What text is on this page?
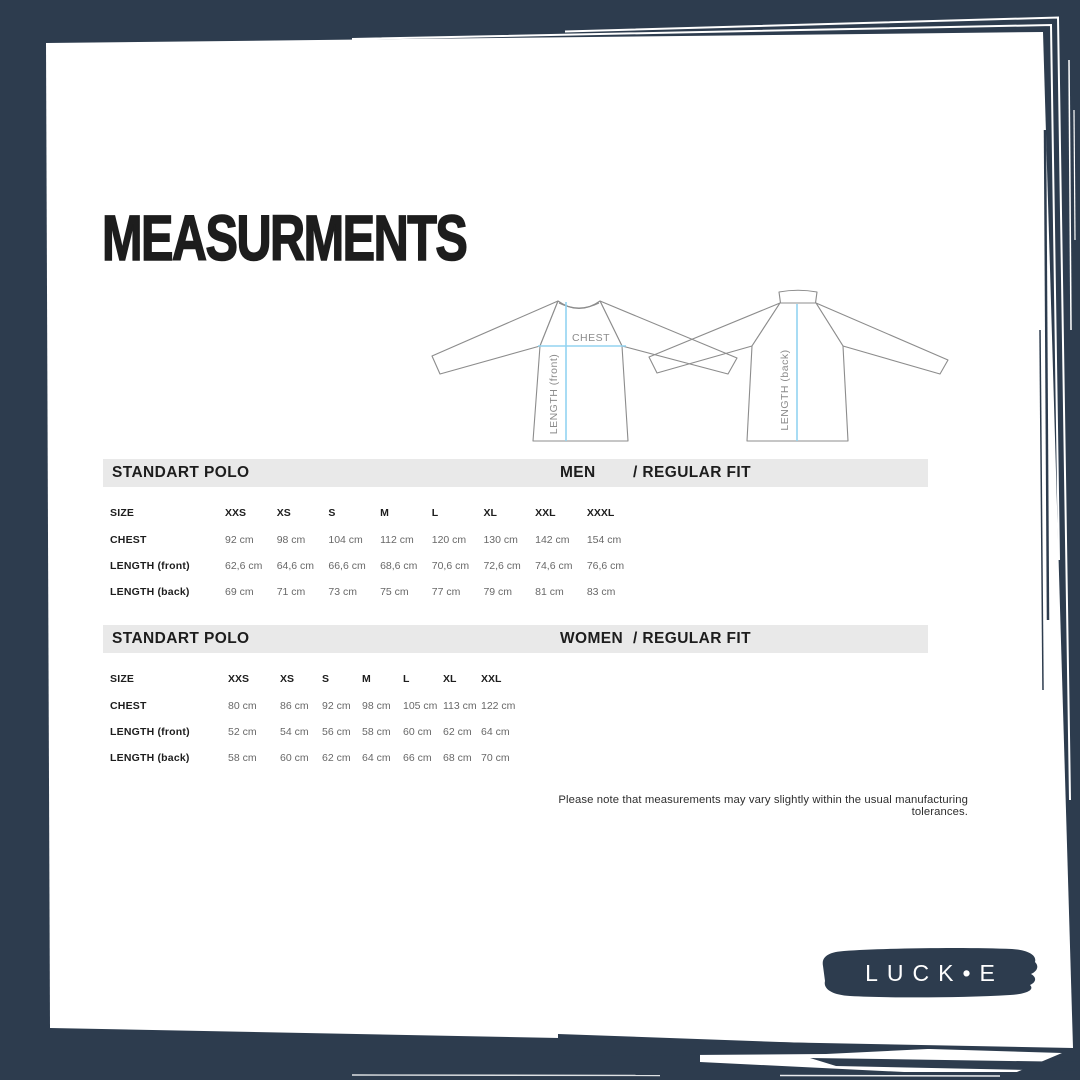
MEASURMENTS
CHEST
LENGTH (front)	LENGTH (back)
STANDART POLO	MEN / REGULAR FIT
SIZE	XXS	XS	S	M	L	XL	XXL	XXXL
CHEST	92 cm	98 cm	104 cm	112 cm	120 cm	130 cm	142 cm	154 cm
LENGTH (front)	62,6 cm	64,6 cm	66,6 cm	68,6 cm	70,6 cm	72,6 cm	74,6 cm	76,6 cm
LENGTH (back)	69 cm	71 cm	73 cm	75 cm	77 cm	79 cm	81 cm	83 cm
STANDART POLO	WOMEN / REGULAR FIT
SIZE	XXS	XS	S	M	L	XL	XXL
CHEST	80 cm	86 cm	92 cm	98 cm	105 cm 113 cm 122 cm
LENGTH (front)	52 cm	54 cm	56 cm	58 cm	60 cm	62 cm 64 cm
LENGTH (back)	58 cm	60 cm	62 cm	64 cm	66 cm	68 cm 70 cm
Please note that measurements may vary slightly within the usual manufacturing tolerances.
LUCK•E
